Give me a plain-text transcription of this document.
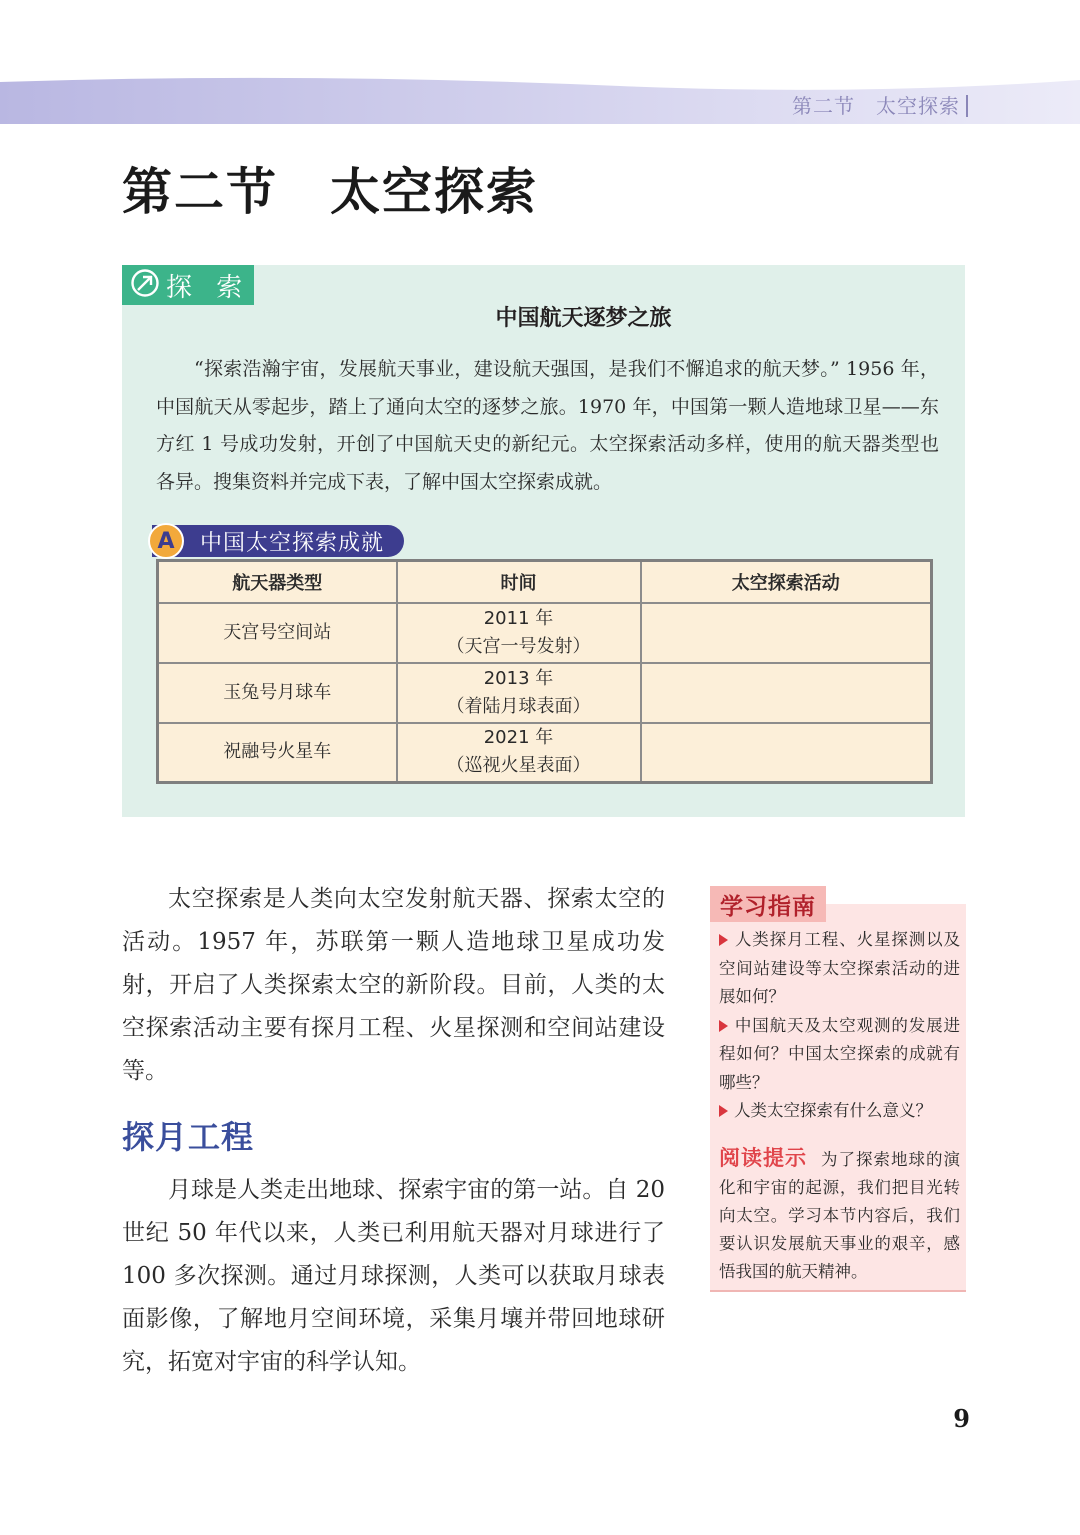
第二节　太空探索
第二节　太空探索
探 索
中国航天逐梦之旅

“探索浩瀚宇宙，发展航天事业，建设航天强国，是我们不懈追求的航天梦。” 1956 年，中国航天从零起步，踏上了通向太空的逐梦之旅。1970 年，中国第一颗人造地球卫星——东方红 1 号成功发射，开创了中国航天史的新纪元。太空探索活动多样，使用的航天器类型也各异。搜集资料并完成下表，了解中国太空探索成就。

A	中国太空探索成就
航天器类型	时间	太空探索活动
天宫号空间站	2011 年
（天宫一号发射）	

玉兔号月球车	2013 年
（着陆月球表面）	

祝融号火星车	2021 年
（巡视火星表面）	

太空探索是人类向太空发射航天器、探索太空的活动。1957 年，苏联第一颗人造地球卫星成功发射，开启了人类探索太空的新阶段。目前，人类的太空探索活动主要有探月工程、火星探测和空间站建设等。

探月工程

月球是人类走出地球、探索宇宙的第一站。自 20 世纪 50 年代以来，人类已利用航天器对月球进行了 100 多次探测。通过月球探测，人类可以获取月球表面影像，了解地月空间环境，采集月壤并带回地球研究，拓宽对宇宙的科学认知。

学习指南
人类探月工程、火星探测以及空间站建设等太空探索活动的进展如何？
中国航天及太空观测的发展进程如何？中国太空探索的成就有哪些？
人类太空探索有什么意义？

阅读提示 为了探索地球的演化和宇宙的起源，我们把目光转向太空。学习本节内容后，我们要认识发展航天事业的艰辛，感悟我国的航天精神。

9
